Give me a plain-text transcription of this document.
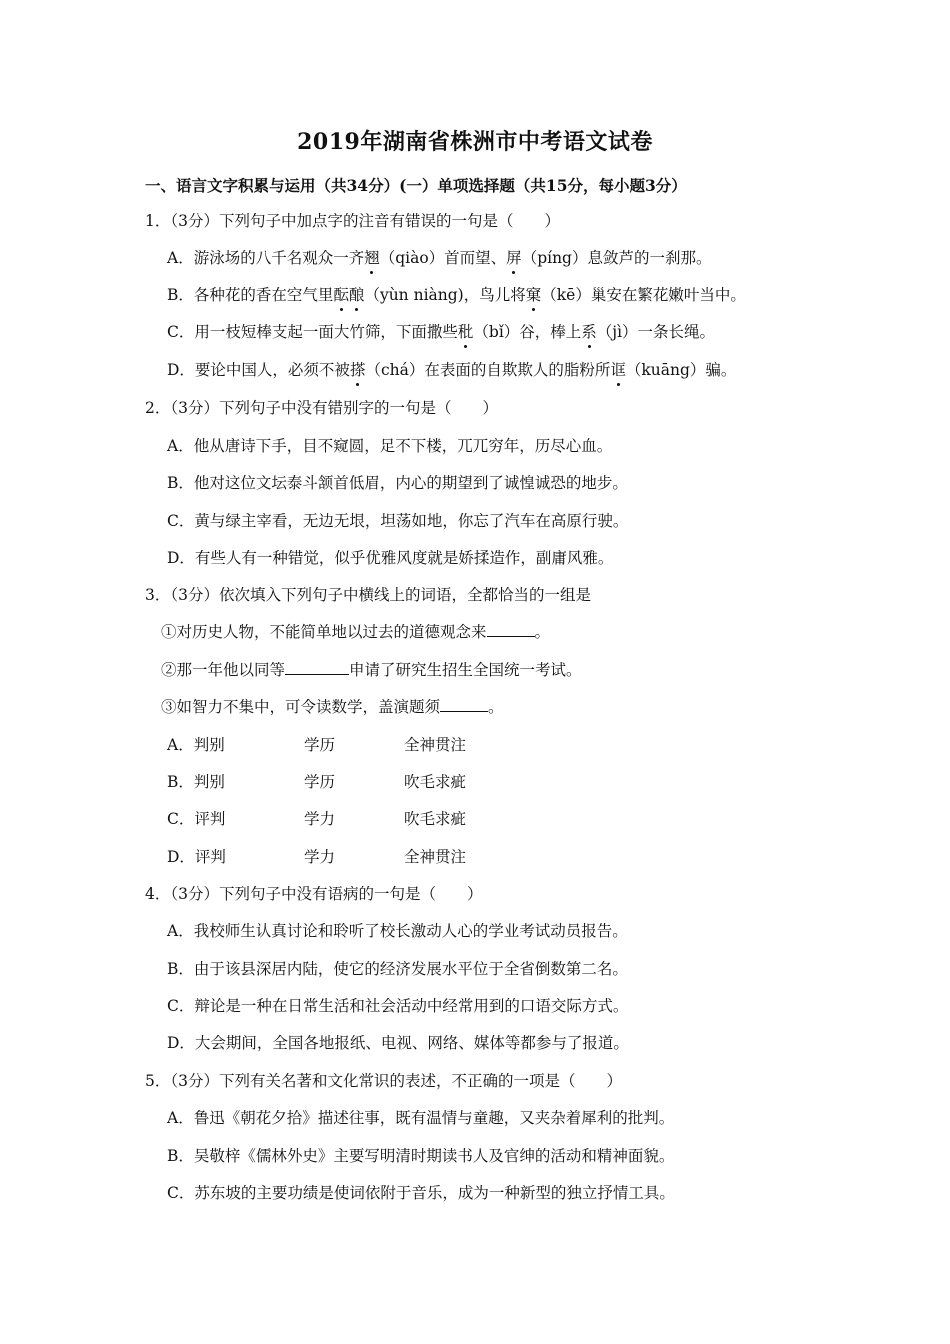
2019年湖南省株洲市中考语文试卷
一、语言文字积累与运用（共34分）(一）单项选择题（共15分，每小题3分）
1．（3分）下列句子中加点字的注音有错误的一句是（　　）
A．游泳场的八千名观众一齐翘（qiào）首而望、屏（píng）息敛芦的一刹那。
B．各种花的香在空气里酝酿（yùn niàng)，鸟儿将窠（kē）巢安在繁花嫩叶当中。
C．用一枝短棒支起一面大竹筛，下面撒些秕（bǐ）谷，棒上系（jì）一条长绳。
D．要论中国人，必须不被搽（chá）在表面的自欺欺人的脂粉所诓（kuāng）骗。
2．（3分）下列句子中没有错别字的一句是（　　）
A．他从唐诗下手，目不窥圆，足不下楼，兀兀穷年，历尽心血。
B．他对这位文坛泰斗颔首低眉，内心的期望到了诚惶诚恐的地步。
C．黄与绿主宰看，无边无垠，坦荡如地，你忘了汽车在高原行驶。
D．有些人有一种错觉，似乎优雅风度就是娇揉造作，副庸风雅。
3．（3分）依次填入下列句子中横线上的词语，全都恰当的一组是
①对历史人物，不能简单地以过去的道德观念来	。
②那一年他以同等	申请了研究生招生全国统一考试。
③如智力不集中，可令读数学，盖演题须	。
A．判别	学历	全神贯注
B．判别	学历	吹毛求疵
C．评判	学力	吹毛求疵
D．评判	学力	全神贯注
4．（3分）下列句子中没有语病的一句是（　　）
A．我校师生认真讨论和聆听了校长激动人心的学业考试动员报告。
B．由于该县深居内陆，使它的经济发展水平位于全省倒数第二名。
C．辩论是一种在日常生活和社会活动中经常用到的口语交际方式。
D．大会期间，全国各地报纸、电视、网络、媒体等都参与了报道。
5．（3分）下列有关名著和文化常识的表述，不正确的一项是（　　）
A．鲁迅《朝花夕拾》描述往事，既有温情与童趣，又夹杂着犀利的批判。
B．吴敬梓《儒林外史》主要写明清时期读书人及官绅的活动和精神面貌。
C．苏东坡的主要功绩是使词依附于音乐，成为一种新型的独立抒情工具。
